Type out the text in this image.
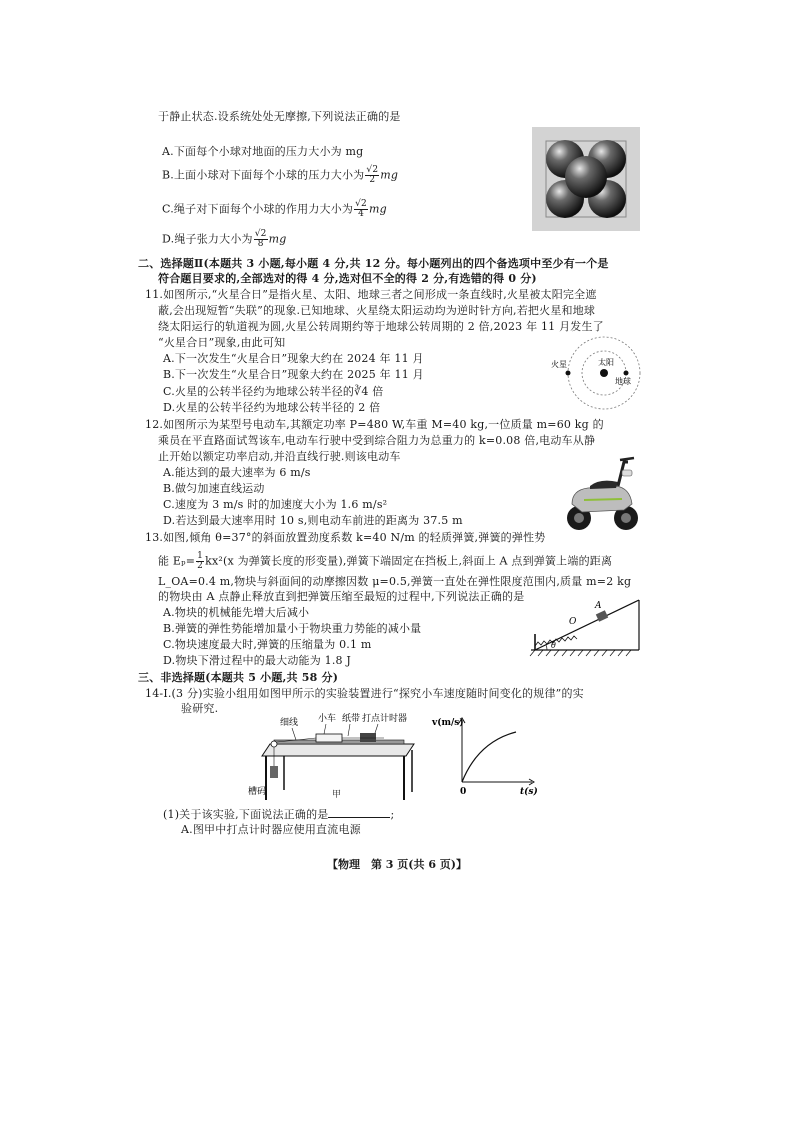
于静止状态.设系统处处无摩擦,下列说法正确的是
A.下面每个小球对地面的压力大小为 mg
B.上面小球对下面每个小球的压力大小为 $\frac{√2}{2}$ mg
C.绳子对下面每个小球的作用力大小为 $\frac{√2}{4}$ mg
D.绳子张力大小为 $\frac{√2}{8}$ mg
二、选择题Ⅱ(本题共 3 小题,每小题 4 分,共 12 分。每小题列出的四个备选项中至少有一个是
符合题目要求的,全部选对的得 4 分,选对但不全的得 2 分,有选错的得 0 分)
11.如图所示,“火星合日”是指火星、太阳、地球三者之间形成一条直线时,火星被太阳完全遮
蔽,会出现短暂“失联”的现象.已知地球、火星绕太阳运动均为逆时针方向,若把火星和地球
绕太阳运行的轨道视为圆,火星公转周期约等于地球公转周期的 2 倍,2023 年 11 月发生了
“火星合日”现象,由此可知
A.下一次发生“火星合日”现象大约在 2024 年 11 月
B.下一次发生“火星合日”现象大约在 2025 年 11 月
C.火星的公转半径约为地球公转半径的∛4 倍
D.火星的公转半径约为地球公转半径的 2 倍
火星	太阳
地球
12.如图所示为某型号电动车,其额定功率 P=480 W,车重 M=40 kg,一位质量 m=60 kg 的
乘员在平直路面试驾该车,电动车行驶中受到综合阻力为总重力的 k=0.08 倍,电动车从静
止开始以额定功率启动,并沿直线行驶.则该电动车
A.能达到的最大速率为 6 m/s
B.做匀加速直线运动
C.速度为 3 m/s 时的加速度大小为 1.6 m/s²
D.若达到最大速率用时 10 s,则电动车前进的距离为 37.5 m
13.如图,倾角 θ=37°的斜面放置劲度系数 k=40 N/m 的轻质弹簧,弹簧的弹性势
能 $E_p= \frac{1}{2} kx^2(x$ 为弹簧长度的形变量),弹簧下端固定在挡板上,斜面上 A 点到弹簧上端的距离
L_OA=0.4 m,物块与斜面间的动摩擦因数 μ=0.5,弹簧一直处在弹性限度范围内,质量 m=2 kg
的物块由 A 点静止释放直到把弹簧压缩至最短的过程中,下列说法正确的是
A.物块的机械能先增大后减小
B.弹簧的弹性势能增加量小于物块重力势能的减小量
C.物块速度最大时,弹簧的压缩量为 0.1 m
D.物块下滑过程中的最大动能为 1.8 J
A
O
θ
三、非选择题(本题共 5 小题,共 58 分)
14-Ⅰ.(3 分)实验小组用如图甲所示的实验装置进行“探究小车速度随时间变化的规律”的实
验研究.
细线 小车 纸带 打点计时器
槽码	甲
v(m/s)
0	t(s)
(1)关于该实验,下面说法正确的是	;
A.图甲中打点计时器应使用直流电源
【物理　第 3 页(共 6 页)】
